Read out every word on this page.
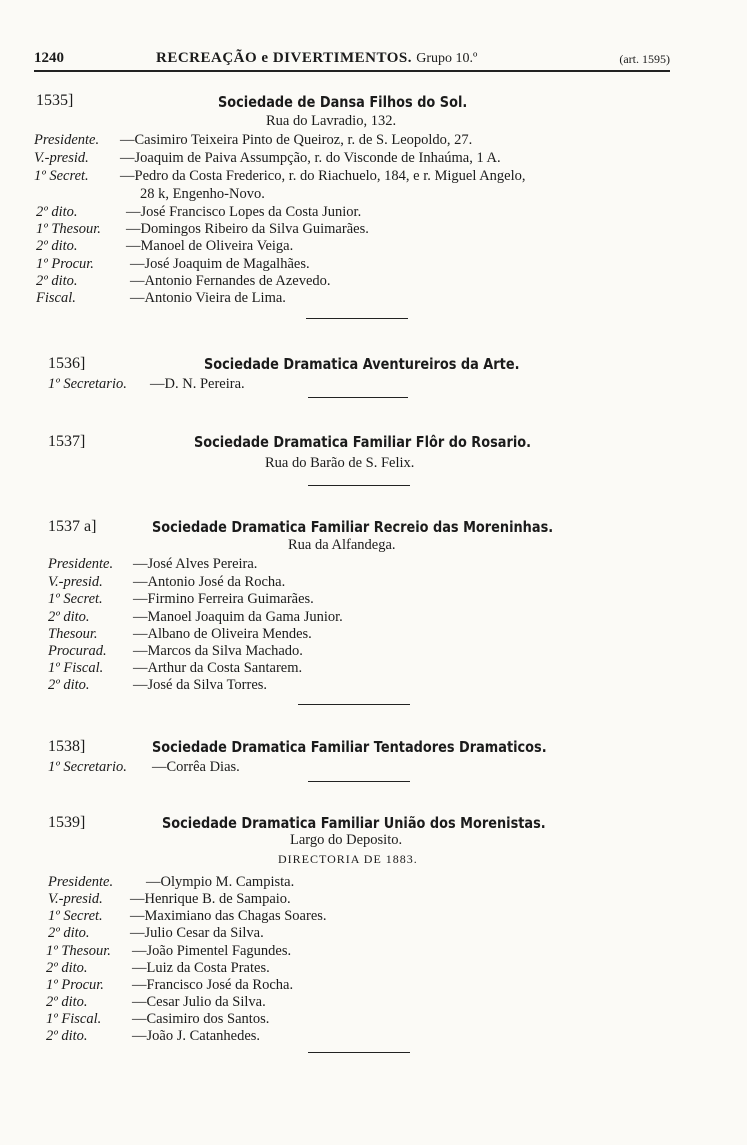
1240	RECREAÇÃO e DIVERTIMENTOS. Grupo 10.º	(art. 1595)
1535]	Sociedade de Dansa Filhos do Sol.
Rua do Lavradio, 132.
Presidente. —Casimiro Teixeira Pinto de Queiroz, r. de S. Leopoldo, 27.
V.-presid. —Joaquim de Paiva Assumpção, r. do Visconde de Inhaúma, 1 A.
1º Secret. —Pedro da Costa Frederico, r. do Riachuelo, 184, e r. Miguel Angelo,
28 k, Engenho-Novo.
2º dito.	—José Francisco Lopes da Costa Junior.
1º Thesour. —Domingos Ribeiro da Silva Guimarães.
2º dito.	—Manoel de Oliveira Veiga.
1º Procur. —José Joaquim de Magalhães.
2º dito.	—Antonio Fernandes de Azevedo.
Fiscal.	—Antonio Vieira de Lima.
1536]	Sociedade Dramatica Aventureiros da Arte.
1º Secretario. —D. N. Pereira.
1537]	Sociedade Dramatica Familiar Flôr do Rosario.
Rua do Barão de S. Felix.
1537 a]	Sociedade Dramatica Familiar Recreio das Moreninhas.
Rua da Alfandega.
Presidente. —José Alves Pereira.
V.-presid. —Antonio José da Rocha.
1º Secret. —Firmino Ferreira Guimarães.
2º dito.	—Manoel Joaquim da Gama Junior.
Thesour. —Albano de Oliveira Mendes.
Procurad. —Marcos da Silva Machado.
1º Fiscal. —Arthur da Costa Santarem.
2º dito.	—José da Silva Torres.
1538]	Sociedade Dramatica Familiar Tentadores Dramaticos.
1º Secretario. —Corrêa Dias.
1539]	Sociedade Dramatica Familiar União dos Morenistas.
Largo do Deposito.
DIRECTORIA DE 1883.
Presidente. —Olympio M. Campista.
V.-presid. —Henrique B. de Sampaio.
1º Secret. —Maximiano das Chagas Soares.
2º dito.	—Julio Cesar da Silva.
1º Thesour. —João Pimentel Fagundes.
2º dito.	—Luiz da Costa Prates.
1º Procur. —Francisco José da Rocha.
2º dito.	—Cesar Julio da Silva.
1º Fiscal. —Casimiro dos Santos.
2º dito.	—João J. Catanhedes.
